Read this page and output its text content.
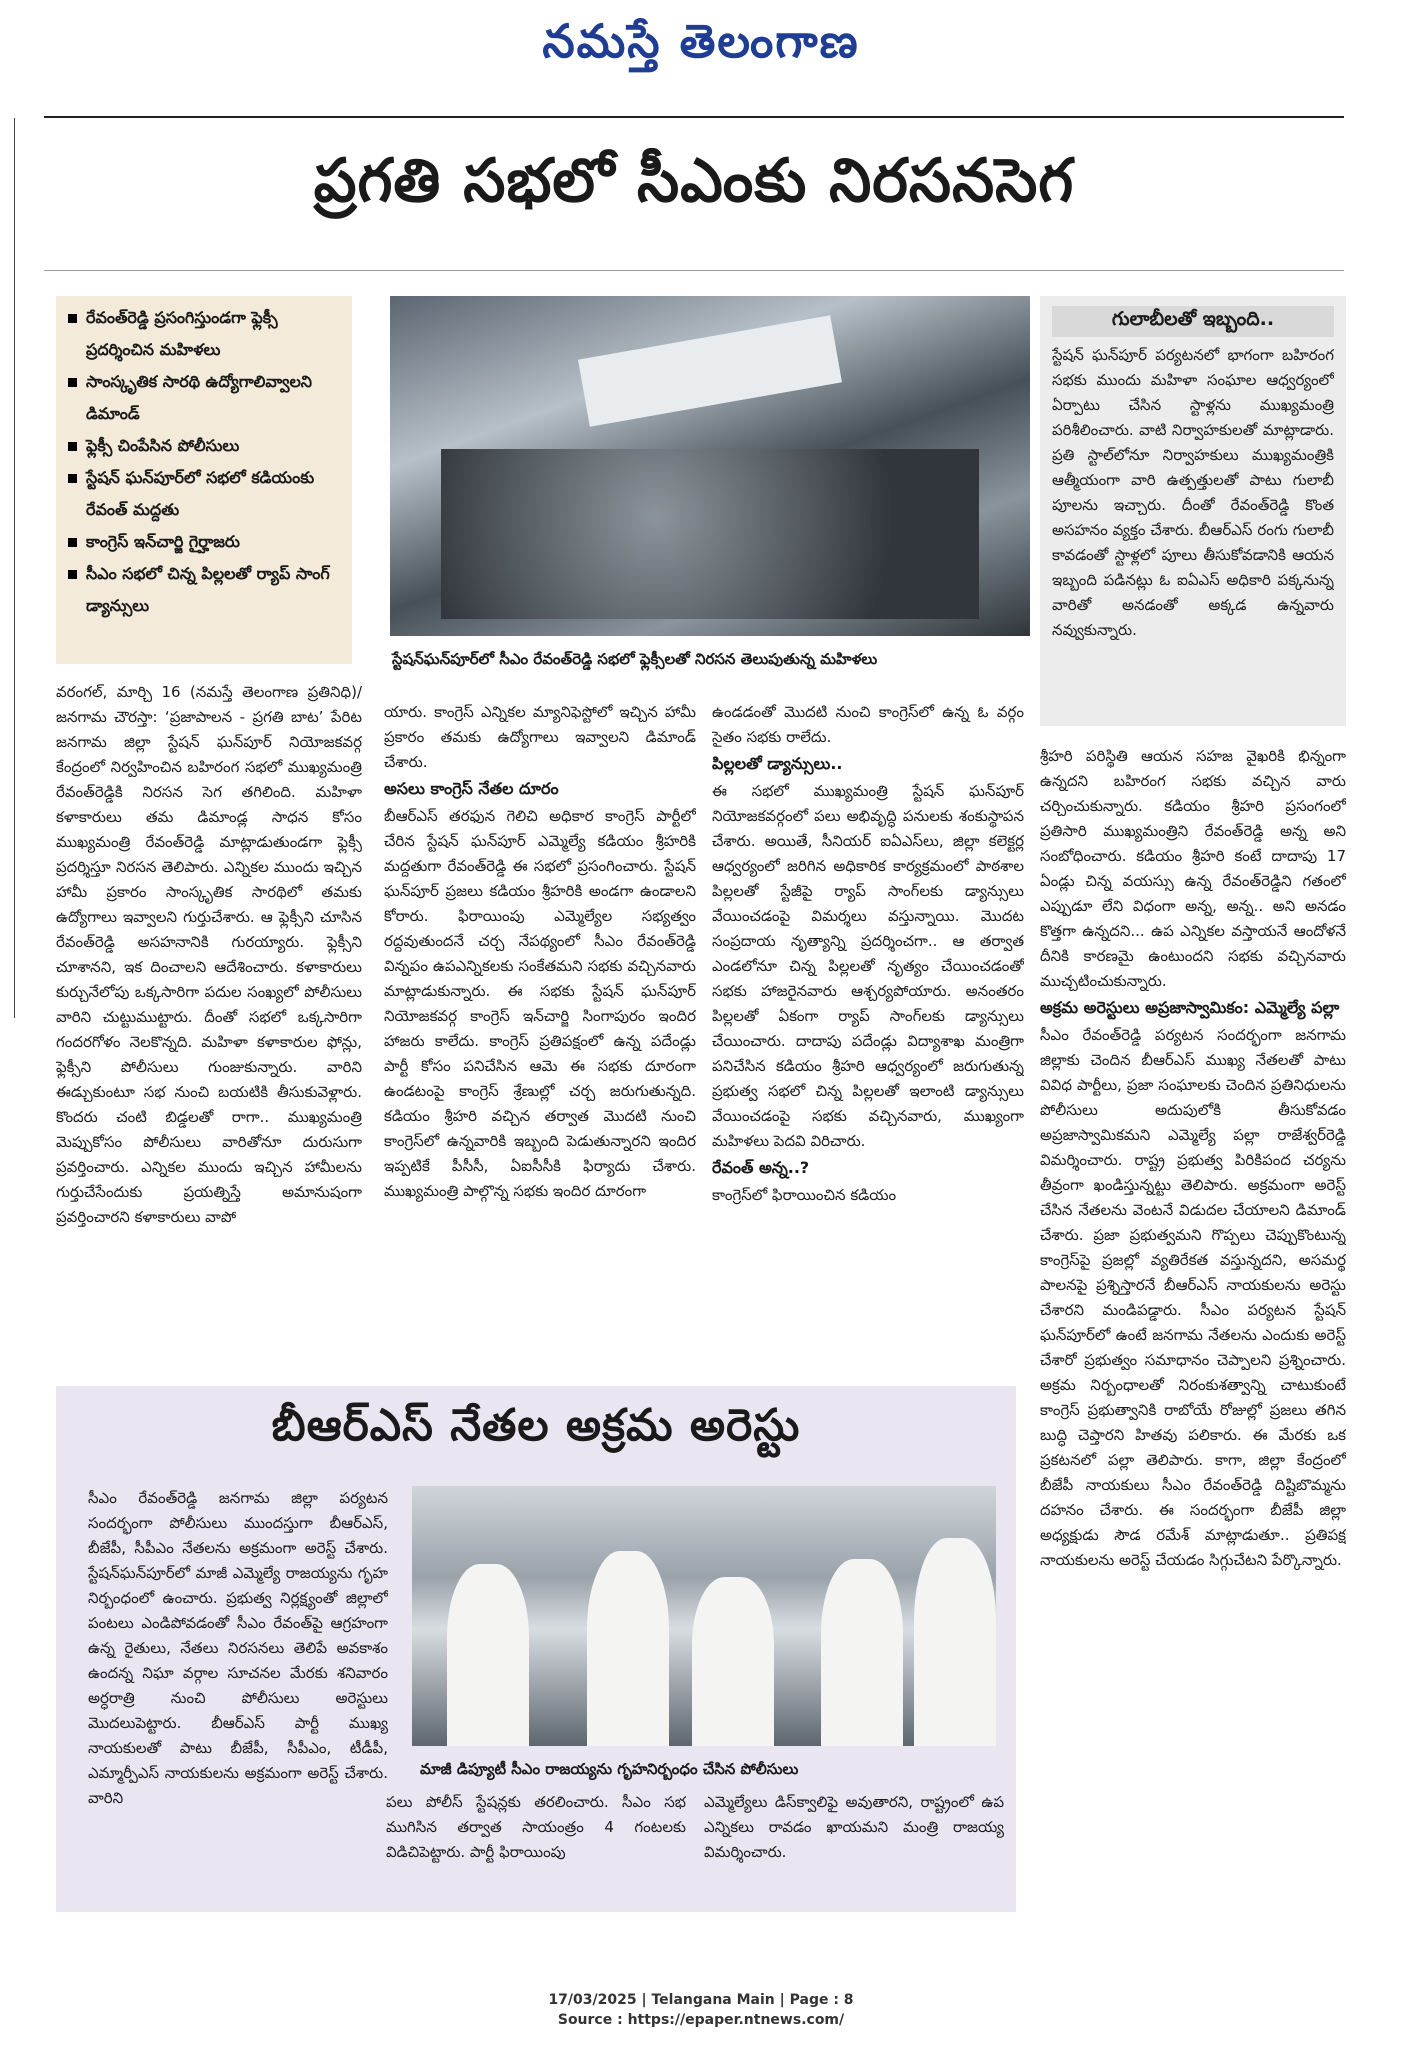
నమస్తే తెలంగాణ
ప్రగతి సభలో సీఎంకు నిరసనసెగ
రేవంత్‌రెడ్డి ప్రసంగిస్తుండగా ఫ్లెక్సీ ప్రదర్శించిన మహిళలు
సాంస్కృతిక సారథి ఉద్యోగాలివ్వాలని డిమాండ్‌
ఫ్లెక్సీ చింపేసిన పోలీసులు
స్టేషన్‌ ఘన్‌పూర్‌లో సభలో కడియంకు రేవంత్‌ మద్దతు
కాంగ్రెస్‌ ఇన్‌చార్జి గైర్హాజరు
సీఎం సభలో చిన్న పిల్లలతో ర్యాప్‌ సాంగ్‌ డ్యాన్సులు
స్టేషన్‌ఘన్‌పూర్‌లో సీఎం రేవంత్‌రెడ్డి సభలో ఫ్లెక్సీలతో నిరసన తెలుపుతున్న మహిళలు
గులాబీలతో ఇబ్బంది..
స్టేషన్‌ ఘన్‌పూర్‌ పర్యటనలో భాగంగా బహిరంగ సభకు ముందు మహిళా సంఘాల ఆధ్వర్యంలో ఏర్పాటు చేసిన స్టాళ్లను ముఖ్యమంత్రి పరిశీలించారు. వాటి నిర్వాహకులతో మాట్లాడారు. ప్రతి స్టాల్‌లోనూ నిర్వాహకులు ముఖ్యమంత్రికి ఆత్మీయంగా వారి ఉత్పత్తులతో పాటు గులాబీ పూలను ఇచ్చారు. దీంతో రేవంత్‌రెడ్డి కొంత అసహనం వ్యక్తం చేశారు. బీఆర్‌ఎస్‌ రంగు గులాబీ కావడంతో స్టాళ్లలో పూలు తీసుకోవడానికి ఆయన ఇబ్బంది పడినట్లు ఓ ఐఏఎస్‌ అధికారి పక్కనున్న వారితో అనడంతో అక్కడ ఉన్నవారు నవ్వుకున్నారు.
వరంగల్‌, మార్చి 16 (నమస్తే తెలంగాణ ప్రతినిధి)/జనగామ చౌరస్తా: ‘ప్రజాపాలన - ప్రగతి బాట’ పేరిట జనగామ జిల్లా స్టేషన్‌ ఘన్‌పూర్‌ నియోజకవర్గ కేంద్రంలో నిర్వహించిన బహిరంగ సభలో ముఖ్యమంత్రి రేవంత్‌రెడ్డికి నిరసన సెగ తగిలింది. మహిళా కళాకారులు తమ డిమాండ్ల సాధన కోసం ముఖ్యమంత్రి రేవంత్‌రెడ్డి మాట్లాడుతుండగా ఫ్లెక్సీ ప్రదర్శిస్తూ నిరసన తెలిపారు. ఎన్నికల ముందు ఇచ్చిన హామీ ప్రకారం సాంస్కృతిక సారథిలో తమకు ఉద్యోగాలు ఇవ్వాలని గుర్తుచేశారు. ఆ ఫ్లెక్సీని చూసిన రేవంత్‌రెడ్డి అసహనానికి గురయ్యారు. ఫ్లెక్సీని చూశానని, ఇక దించాలని ఆదేశించారు. కళాకారులు కుర్చునేలోపు ఒక్కసారిగా పదుల సంఖ్యలో పోలీసులు వారిని చుట్టుముట్టారు. దీంతో సభలో ఒక్కసారిగా గందరగోళం నెలకొన్నది. మహిళా కళాకారుల ఫోన్లు, ఫ్లెక్సీని పోలీసులు గుంజుకున్నారు. వారిని ఈడ్చుకుంటూ సభ నుంచి బయటికి తీసుకువెళ్లారు. కొందరు చంటి బిడ్డలతో రాగా.. ముఖ్యమంత్రి మెప్పుకోసం పోలీసులు వారితోనూ దురుసుగా ప్రవర్తించారు. ఎన్నికల ముందు ఇచ్చిన హామీలను గుర్తుచేసేందుకు ప్రయత్నిస్తే అమానుషంగా ప్రవర్తించారని కళాకారులు వాపో
యారు. కాంగ్రెస్‌ ఎన్నికల మ్యానిఫెస్టోలో ఇచ్చిన హామీ ప్రకారం తమకు ఉద్యోగాలు ఇవ్వాలని డిమాండ్‌ చేశారు.
అసలు కాంగ్రెస్‌ నేతల దూరం
బీఆర్‌ఎస్‌ తరఫున గెలిచి అధికార కాంగ్రెస్‌ పార్టీలో చేరిన స్టేషన్‌ ఘన్‌పూర్‌ ఎమ్మెల్యే కడియం శ్రీహరికి మద్దతుగా రేవంత్‌రెడ్డి ఈ సభలో ప్రసంగించారు. స్టేషన్‌ ఘన్‌పూర్‌ ప్రజలు కడియం శ్రీహరికి అండగా ఉండాలని కోరారు. ఫిరాయింపు ఎమ్మెల్యేల సభ్యత్వం రద్దవుతుందనే చర్చ నేపథ్యంలో సీఎం రేవంత్‌రెడ్డి విన్నపం ఉపఎన్నికలకు సంకేతమని సభకు వచ్చినవారు మాట్లాడుకున్నారు. ఈ సభకు స్టేషన్‌ ఘన్‌పూర్‌ నియోజకవర్గ కాంగ్రెస్‌ ఇన్‌చార్జి సింగాపురం ఇందిర హాజరు కాలేదు. కాంగ్రెస్‌ ప్రతిపక్షంలో ఉన్న పదేండ్లు పార్టీ కోసం పనిచేసిన ఆమె ఈ సభకు దూరంగా ఉండటంపై కాంగ్రెస్‌ శ్రేణుల్లో చర్చ జరుగుతున్నది. కడియం శ్రీహరి వచ్చిన తర్వాత మొదటి నుంచి కాంగ్రెస్‌లో ఉన్నవారికి ఇబ్బంది పెడుతున్నారని ఇందిర ఇప్పటికే పీసీసీ, ఏఐసీసీకి ఫిర్యాదు చేశారు. ముఖ్యమంత్రి పాల్గొన్న సభకు ఇందిర దూరంగా
ఉండడంతో మొదటి నుంచి కాంగ్రెస్‌లో ఉన్న ఓ వర్గం సైతం సభకు రాలేదు.
పిల్లలతో డ్యాన్సులు..
ఈ సభలో ముఖ్యమంత్రి స్టేషన్‌ ఘన్‌పూర్‌ నియోజకవర్గంలో పలు అభివృద్ధి పనులకు శంకుస్థాపన చేశారు. అయితే, సీనియర్‌ ఐఏఎస్‌లు, జిల్లా కలెక్టర్ల ఆధ్వర్యంలో జరిగిన అధికారిక కార్యక్రమంలో పాఠశాల పిల్లలతో స్టేజీపై ర్యాప్‌ సాంగ్‌లకు డ్యాన్సులు వేయించడంపై విమర్శలు వస్తున్నాయి. మొదట సంప్రదాయ నృత్యాన్ని ప్రదర్శించగా.. ఆ తర్వాత ఎండలోనూ చిన్న పిల్లలతో నృత్యం చేయించడంతో సభకు హాజరైనవారు ఆశ్చర్యపోయారు. అనంతరం పిల్లలతో ఏకంగా ర్యాప్‌ సాంగ్‌లకు డ్యాన్సులు చేయించారు. దాదాపు పదేండ్లు విద్యాశాఖ మంత్రిగా పనిచేసిన కడియం శ్రీహరి ఆధ్వర్యంలో జరుగుతున్న ప్రభుత్వ సభలో చిన్న పిల్లలతో ఇలాంటి డ్యాన్సులు వేయించడంపై సభకు వచ్చినవారు, ముఖ్యంగా మహిళలు పెదవి విరిచారు.
రేవంత్‌ అన్న..?
కాంగ్రెస్‌లో ఫిరాయించిన కడియం
శ్రీహరి పరిస్థితి ఆయన సహజ వైఖరికి భిన్నంగా ఉన్నదని బహిరంగ సభకు వచ్చిన వారు చర్చించుకున్నారు. కడియం శ్రీహరి ప్రసంగంలో ప్రతిసారి ముఖ్యమంత్రిని రేవంత్‌రెడ్డి అన్న అని సంబోధించారు. కడియం శ్రీహరి కంటే దాదాపు 17 ఏండ్లు చిన్న వయస్సు ఉన్న రేవంత్‌రెడ్డిని గతంలో ఎప్పుడూ లేని విధంగా అన్న, అన్న.. అని అనడం కొత్తగా ఉన్నదని... ఉప ఎన్నికల వస్తాయనే ఆందోళనే దీనికి కారణమై ఉంటుందని సభకు వచ్చినవారు ముచ్చటించుకున్నారు.
అక్రమ అరెస్టులు అప్రజాస్వామికం: ఎమ్మెల్యే పల్లా
సీఎం రేవంత్‌రెడ్డి పర్యటన సందర్భంగా జనగామ జిల్లాకు చెందిన బీఆర్‌ఎస్‌ ముఖ్య నేతలతో పాటు వివిధ పార్టీలు, ప్రజా సంఘాలకు చెందిన ప్రతినిధులను పోలీసులు అదుపులోకి తీసుకోవడం అప్రజాస్వామికమని ఎమ్మెల్యే పల్లా రాజేశ్వర్‌రెడ్డి విమర్శించారు. రాష్ట్ర ప్రభుత్వ పిరికిపంద చర్యను తీవ్రంగా ఖండిస్తున్నట్టు తెలిపారు. అక్రమంగా అరెస్ట్‌ చేసిన నేతలను వెంటనే విడుదల చేయాలని డిమాండ్‌ చేశారు. ప్రజా ప్రభుత్వమని గొప్పలు చెప్పుకొంటున్న కాంగ్రెస్‌పై ప్రజల్లో వ్యతిరేకత వస్తున్నదని, అసమర్థ పాలనపై ప్రశ్నిస్తారనే బీఆర్‌ఎస్‌ నాయకులను అరెస్టు చేశారని మండిపడ్డారు. సీఎం పర్యటన స్టేషన్‌ ఘన్‌పూర్‌లో ఉంటే జనగామ నేతలను ఎందుకు అరెస్ట్‌ చేశారో ప్రభుత్వం సమాధానం చెప్పాలని ప్రశ్నించారు. అక్రమ నిర్బంధాలతో నిరంకుశత్వాన్ని చాటుకుంటే కాంగ్రెస్‌ ప్రభుత్వానికి రాబోయే రోజుల్లో ప్రజలు తగిన బుద్ధి చెప్తారని హితవు పలికారు. ఈ మేరకు ఒక ప్రకటనలో పల్లా తెలిపారు. కాగా, జిల్లా కేంద్రంలో బీజేపీ నాయకులు సీఎం రేవంత్‌రెడ్డి దిష్టిబొమ్మను దహనం చేశారు. ఈ సందర్భంగా బీజేపీ జిల్లా అధ్యక్షుడు సౌడ రమేశ్‌ మాట్లాడుతూ.. ప్రతిపక్ష నాయకులను అరెస్ట్‌ చేయడం సిగ్గుచేటని పేర్కొన్నారు.
బీఆర్‌ఎస్‌ నేతల అక్రమ అరెస్టు
సీఎం రేవంత్‌రెడ్డి జనగామ జిల్లా పర్యటన సందర్భంగా పోలీసులు ముందస్తుగా బీఆర్‌ఎస్‌, బీజేపీ, సీపీఎం నేతలను అక్రమంగా అరెస్ట్‌ చేశారు. స్టేషన్‌ఘన్‌పూర్‌లో మాజీ ఎమ్మెల్యే రాజయ్యను గృహ నిర్బంధంలో ఉంచారు. ప్రభుత్వ నిర్లక్ష్యంతో జిల్లాలో పంటలు ఎండిపోవడంతో సీఎం రేవంత్‌పై ఆగ్రహంగా ఉన్న రైతులు, నేతలు నిరసనలు తెలిపే అవకాశం ఉందన్న నిఘా వర్గాల సూచనల మేరకు శనివారం అర్ధరాత్రి నుంచి పోలీసులు అరెస్టులు మొదలుపెట్టారు. బీఆర్‌ఎస్‌ పార్టీ ముఖ్య నాయకులతో పాటు బీజేపీ, సీపీఎం, టీడీపీ, ఎమ్మార్పీఎస్‌ నాయకులను అక్రమంగా అరెస్ట్‌ చేశారు. వారిని	పలు పోలీస్‌ స్టేషన్లకు తరలించారు. సీఎం సభ ముగిసిన తర్వాత సాయంత్రం 4 గంటలకు విడిచిపెట్టారు. పార్టీ ఫిరాయింపు
ఎమ్మెల్యేలు డిస్‌క్వాలిఫై అవుతారని, రాష్ట్రంలో ఉప ఎన్నికలు రావడం ఖాయమని మంత్రి రాజయ్య విమర్శించారు.
మాజీ డిప్యూటీ సీఎం రాజయ్యను గృహనిర్బంధం చేసిన పోలీసులు
17/03/2025 | Telangana Main | Page : 8
Source : https://epaper.ntnews.com/
